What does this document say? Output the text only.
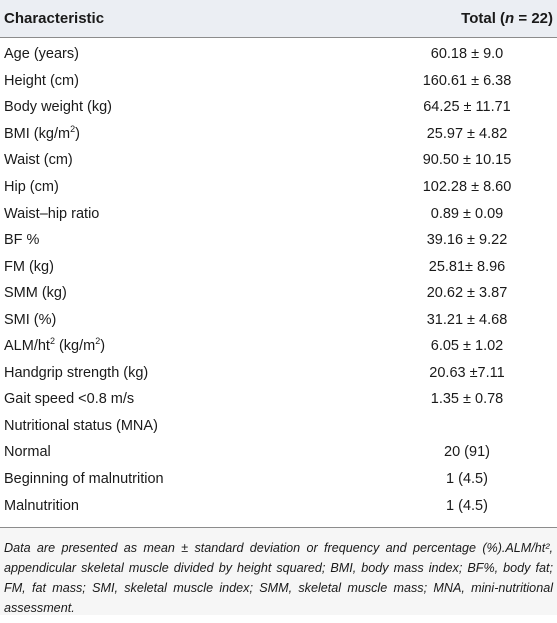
Characteristic	Total (n = 22)
Age (years)	60.18 ± 9.0
Height (cm)	160.61 ± 6.38
Body weight (kg)	64.25 ± 11.71
BMI $(kg/m^2)$	25.97 ± 4.82
Waist (cm)	90.50 ± 10.15
Hip (cm)	102.28 ± 8.60
Waist–hip ratio	0.89 ± 0.09
BF %	39.16 ± 9.22
FM (kg)	25.81± 8.96
SMM (kg)	20.62 ± 3.87
SMI (%)	31.21 ± 4.68
ALM/$ht^2$ $(kg/m^2)$	6.05 ± 1.02
Handgrip strength (kg)	20.63 ±7.11
Gait speed <0.8 m/s	1.35 ± 0.78
Nutritional status (MNA)
Normal	20 (91)
Beginning of malnutrition	1 (4.5)
Malnutrition	1 (4.5)
Data are presented as mean ± standard deviation or frequency and percentage (%).ALM/ht², appendicular skeletal muscle divided by height squared; BMI, body mass index; BF%, body fat; FM, fat mass; SMI, skeletal muscle index; SMM, skeletal muscle mass; MNA, mini-nutritional assessment.
